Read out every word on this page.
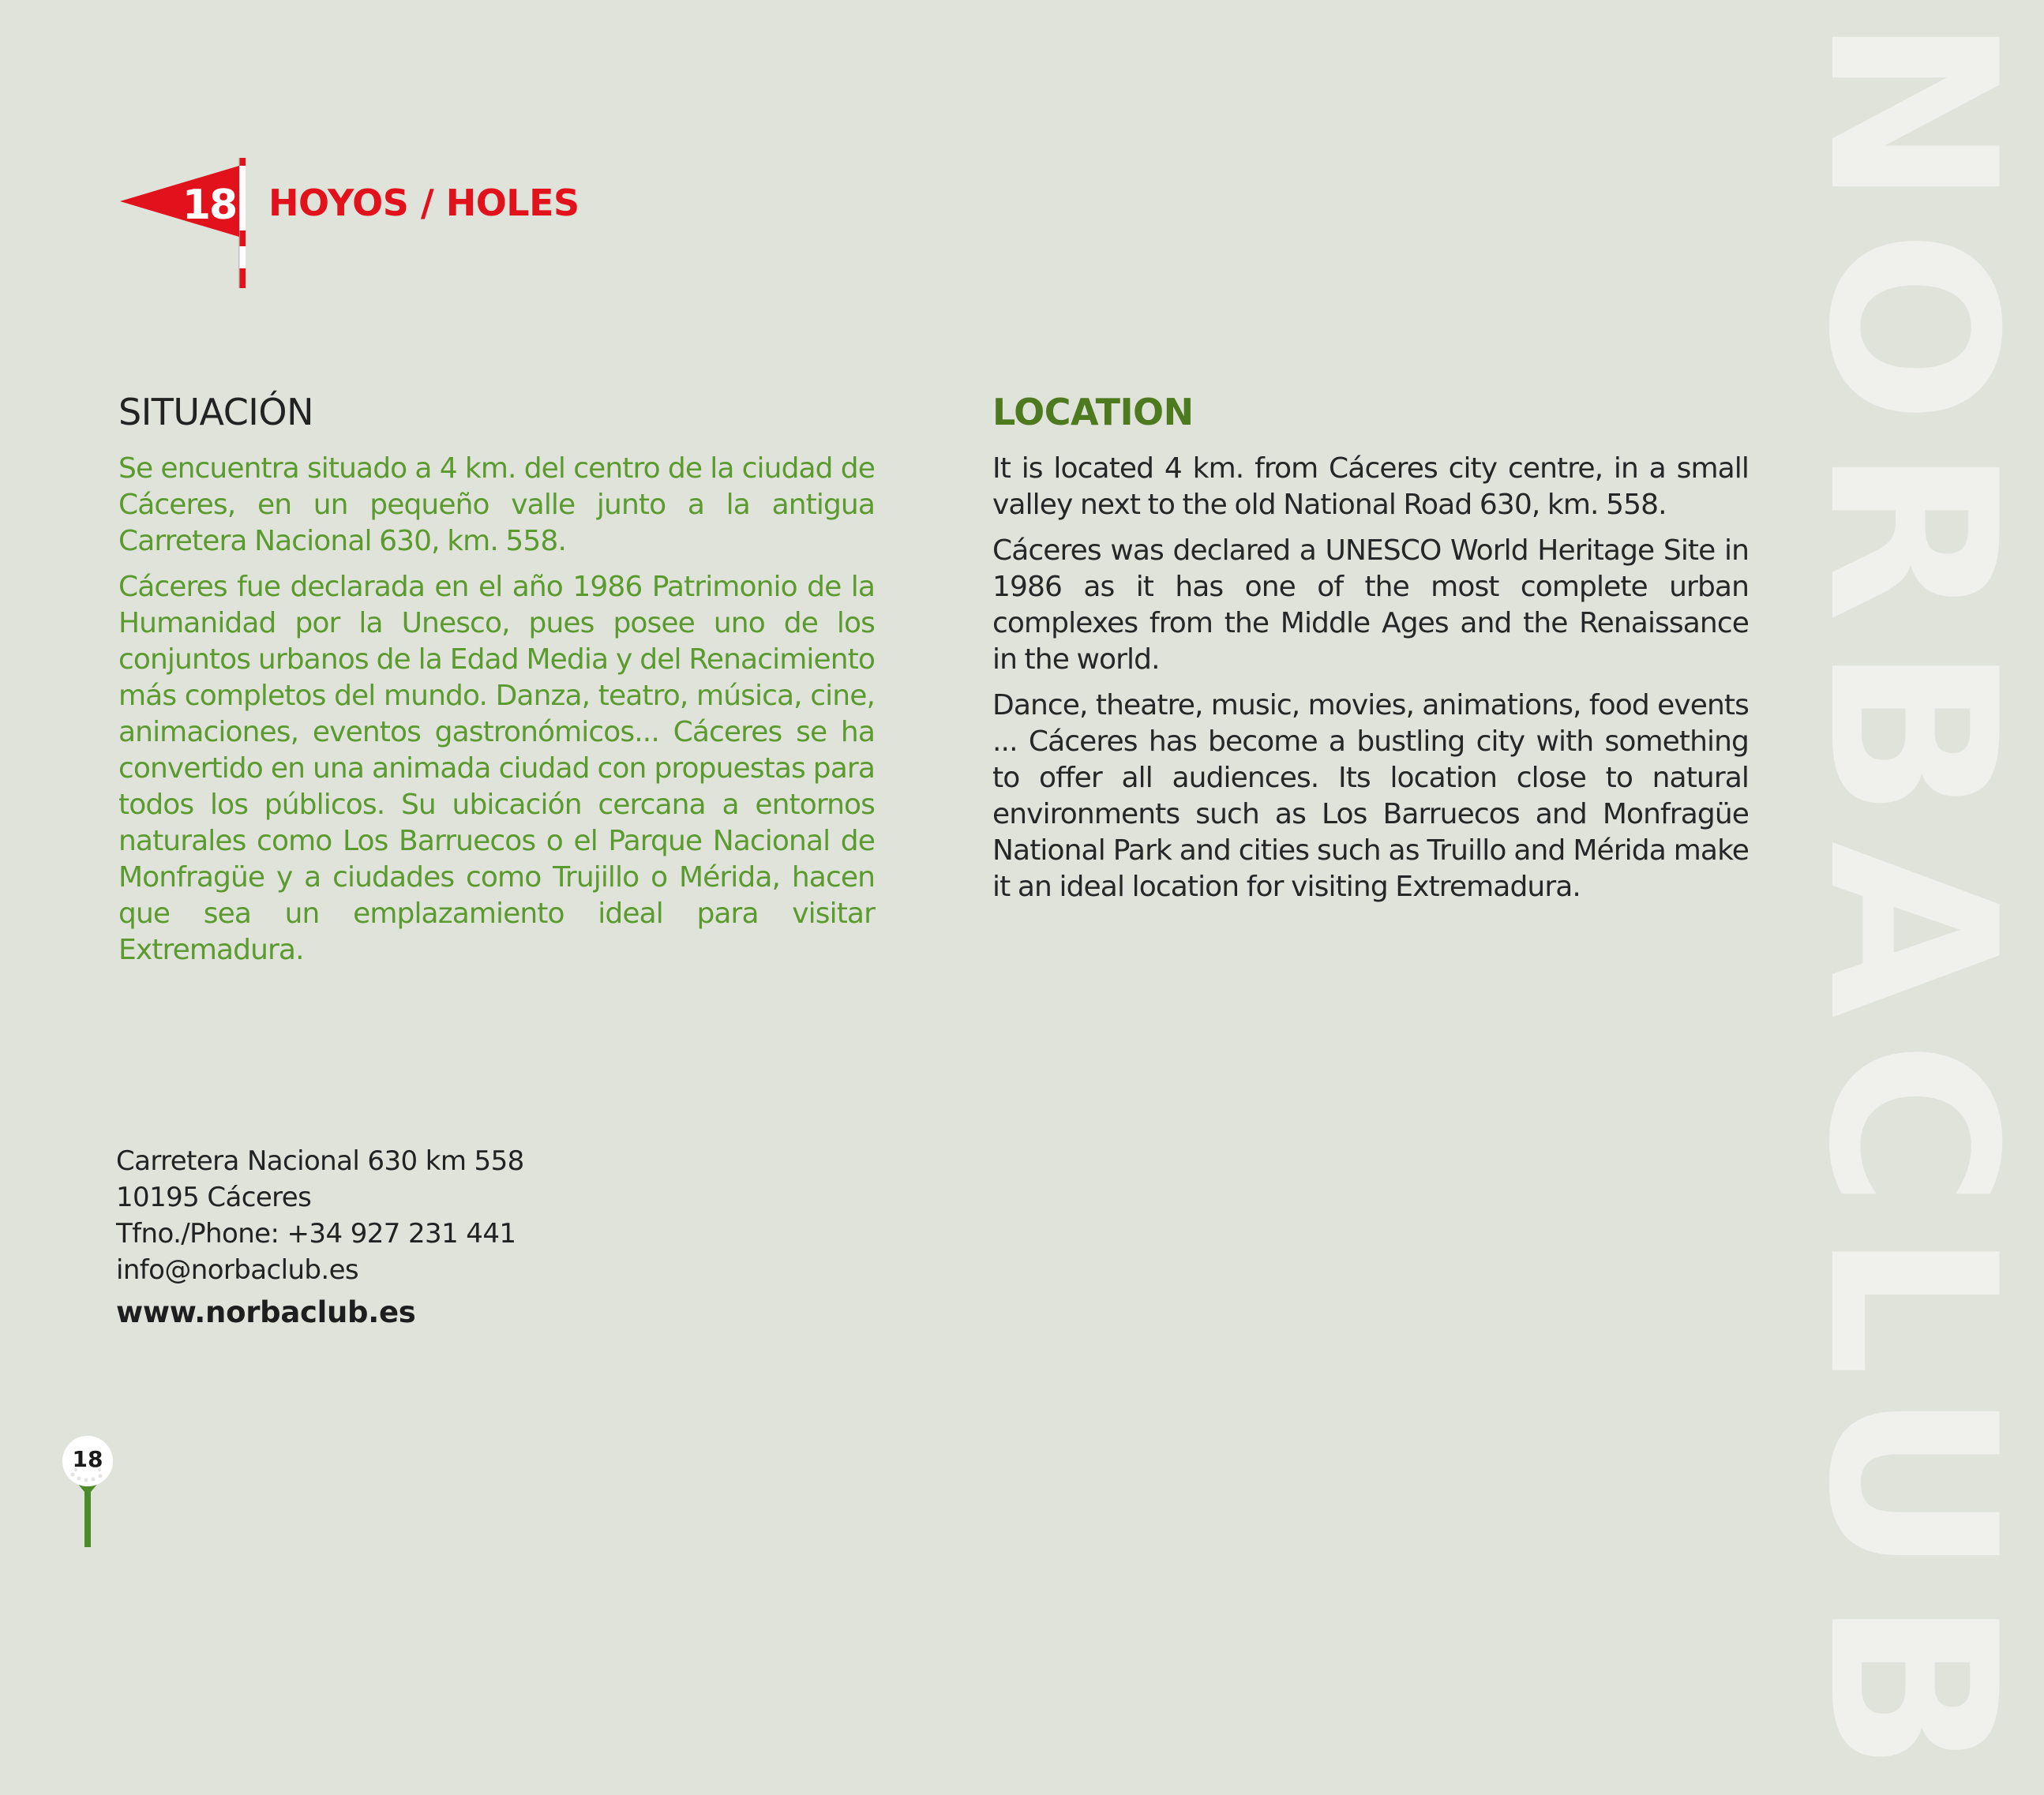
NORBACLUB
18 HOYOS / HOLES
SITUACIÓN

Se encuentra situado a 4 km. del centro de la ciudad de Cáceres, en un pequeño valle junto a la antigua Carretera Nacional 630, km. 558.

Cáceres fue declarada en el año 1986 Patrimonio de la Humanidad por la Unesco, pues posee uno de los conjuntos urbanos de la Edad Media y del Renacimiento más completos del mundo. Danza, teatro, música, cine, animaciones, eventos gastronómicos... Cáceres se ha convertido en una animada ciudad con propuestas para todos los públicos. Su ubicación cercana a entornos naturales como Los Barruecos o el Parque Nacional de Monfragüe y a ciudades como Trujillo o Mérida, hacen que sea un emplazamiento ideal para visitar Extremadura.

LOCATION

It is located 4 km. from Cáceres city centre, in a small valley next to the old National Road 630, km. 558.

Cáceres was declared a UNESCO World Heritage Site in 1986 as it has one of the most complete urban complexes from the Middle Ages and the Renaissance in the world.

Dance, theatre, music, movies, animations, food events ... Cáceres has become a bustling city with something to offer all audiences. Its location close to natural environments such as Los Barruecos and Monfragüe National Park and cities such as Truillo and Mérida make it an ideal location for visiting Extremadura.

Carretera Nacional 630 km 558
10195 Cáceres
Tfno./Phone: +34 927 231 441
info@norbaclub.es
www.norbaclub.es
18
